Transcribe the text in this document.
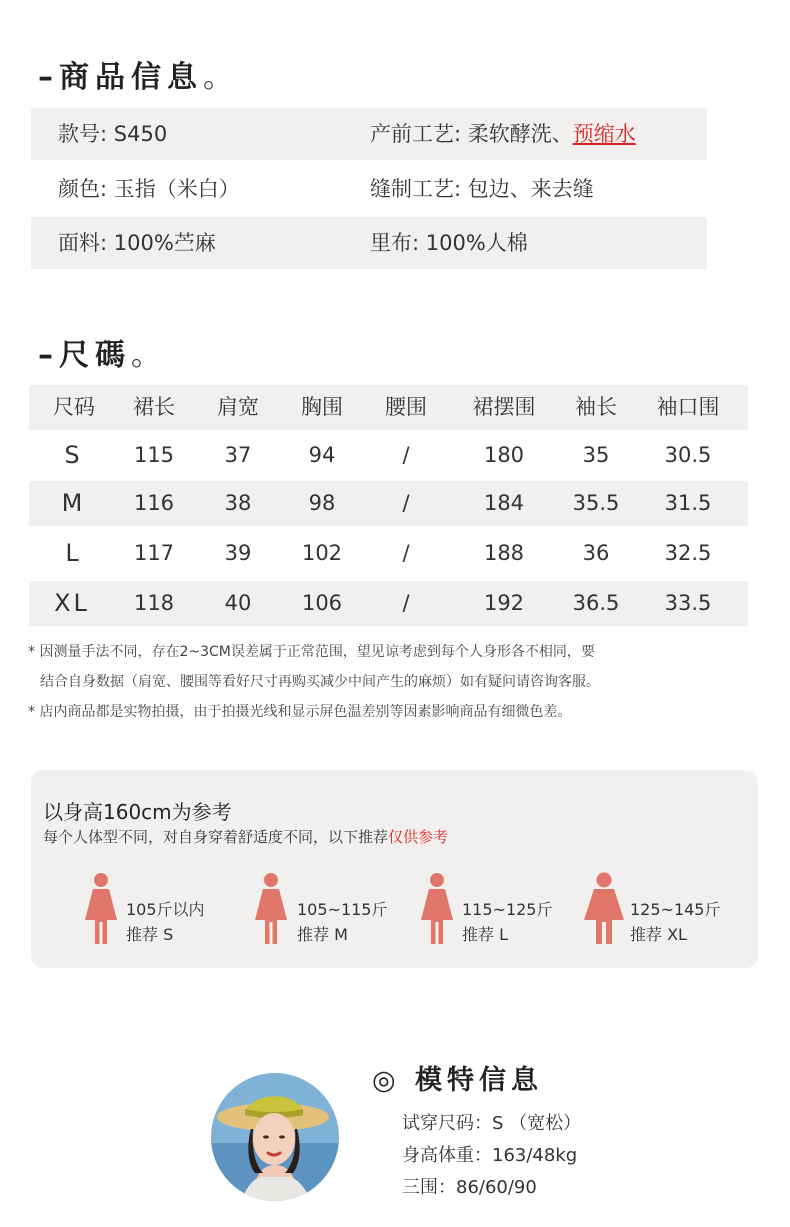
–商品信息。
款号: S450	产前工艺: 柔软酵洗、预缩水
颜色: 玉指（米白）	缝制工艺: 包边、来去缝
面料: 100%苎麻	里布: 100%人棉
–尺碼。
尺码	裙长	肩宽	胸围	腰围	裙摆围	袖长	袖口围
S	115	37	94	/	180	35	30.5
M	116	38	98	/	184	35.5	31.5
L	117	39	102	/	188	36	32.5
XL	118	40	106	/	192	36.5	33.5
* 因测量手法不同，存在2~3CM误差属于正常范围，望见谅考虑到每个人身形各不相同，要
结合自身数据（肩宽、腰围等看好尺寸再购买减少中间产生的麻烦）如有疑问请咨询客服。
* 店内商品都是实物拍摄，由于拍摄光线和显示屏色温差别等因素影响商品有细微色差。
以身高160cm为参考
每个人体型不同，对自身穿着舒适度不同，以下推荐仅供参考
105斤以内
推荐 S
105~115斤
推荐 M
115~125斤
推荐 L
125~145斤
推荐 XL
◎ 模特信息
试穿尺码：S （宽松）
身高体重：163/48kg
三围：86/60/90
